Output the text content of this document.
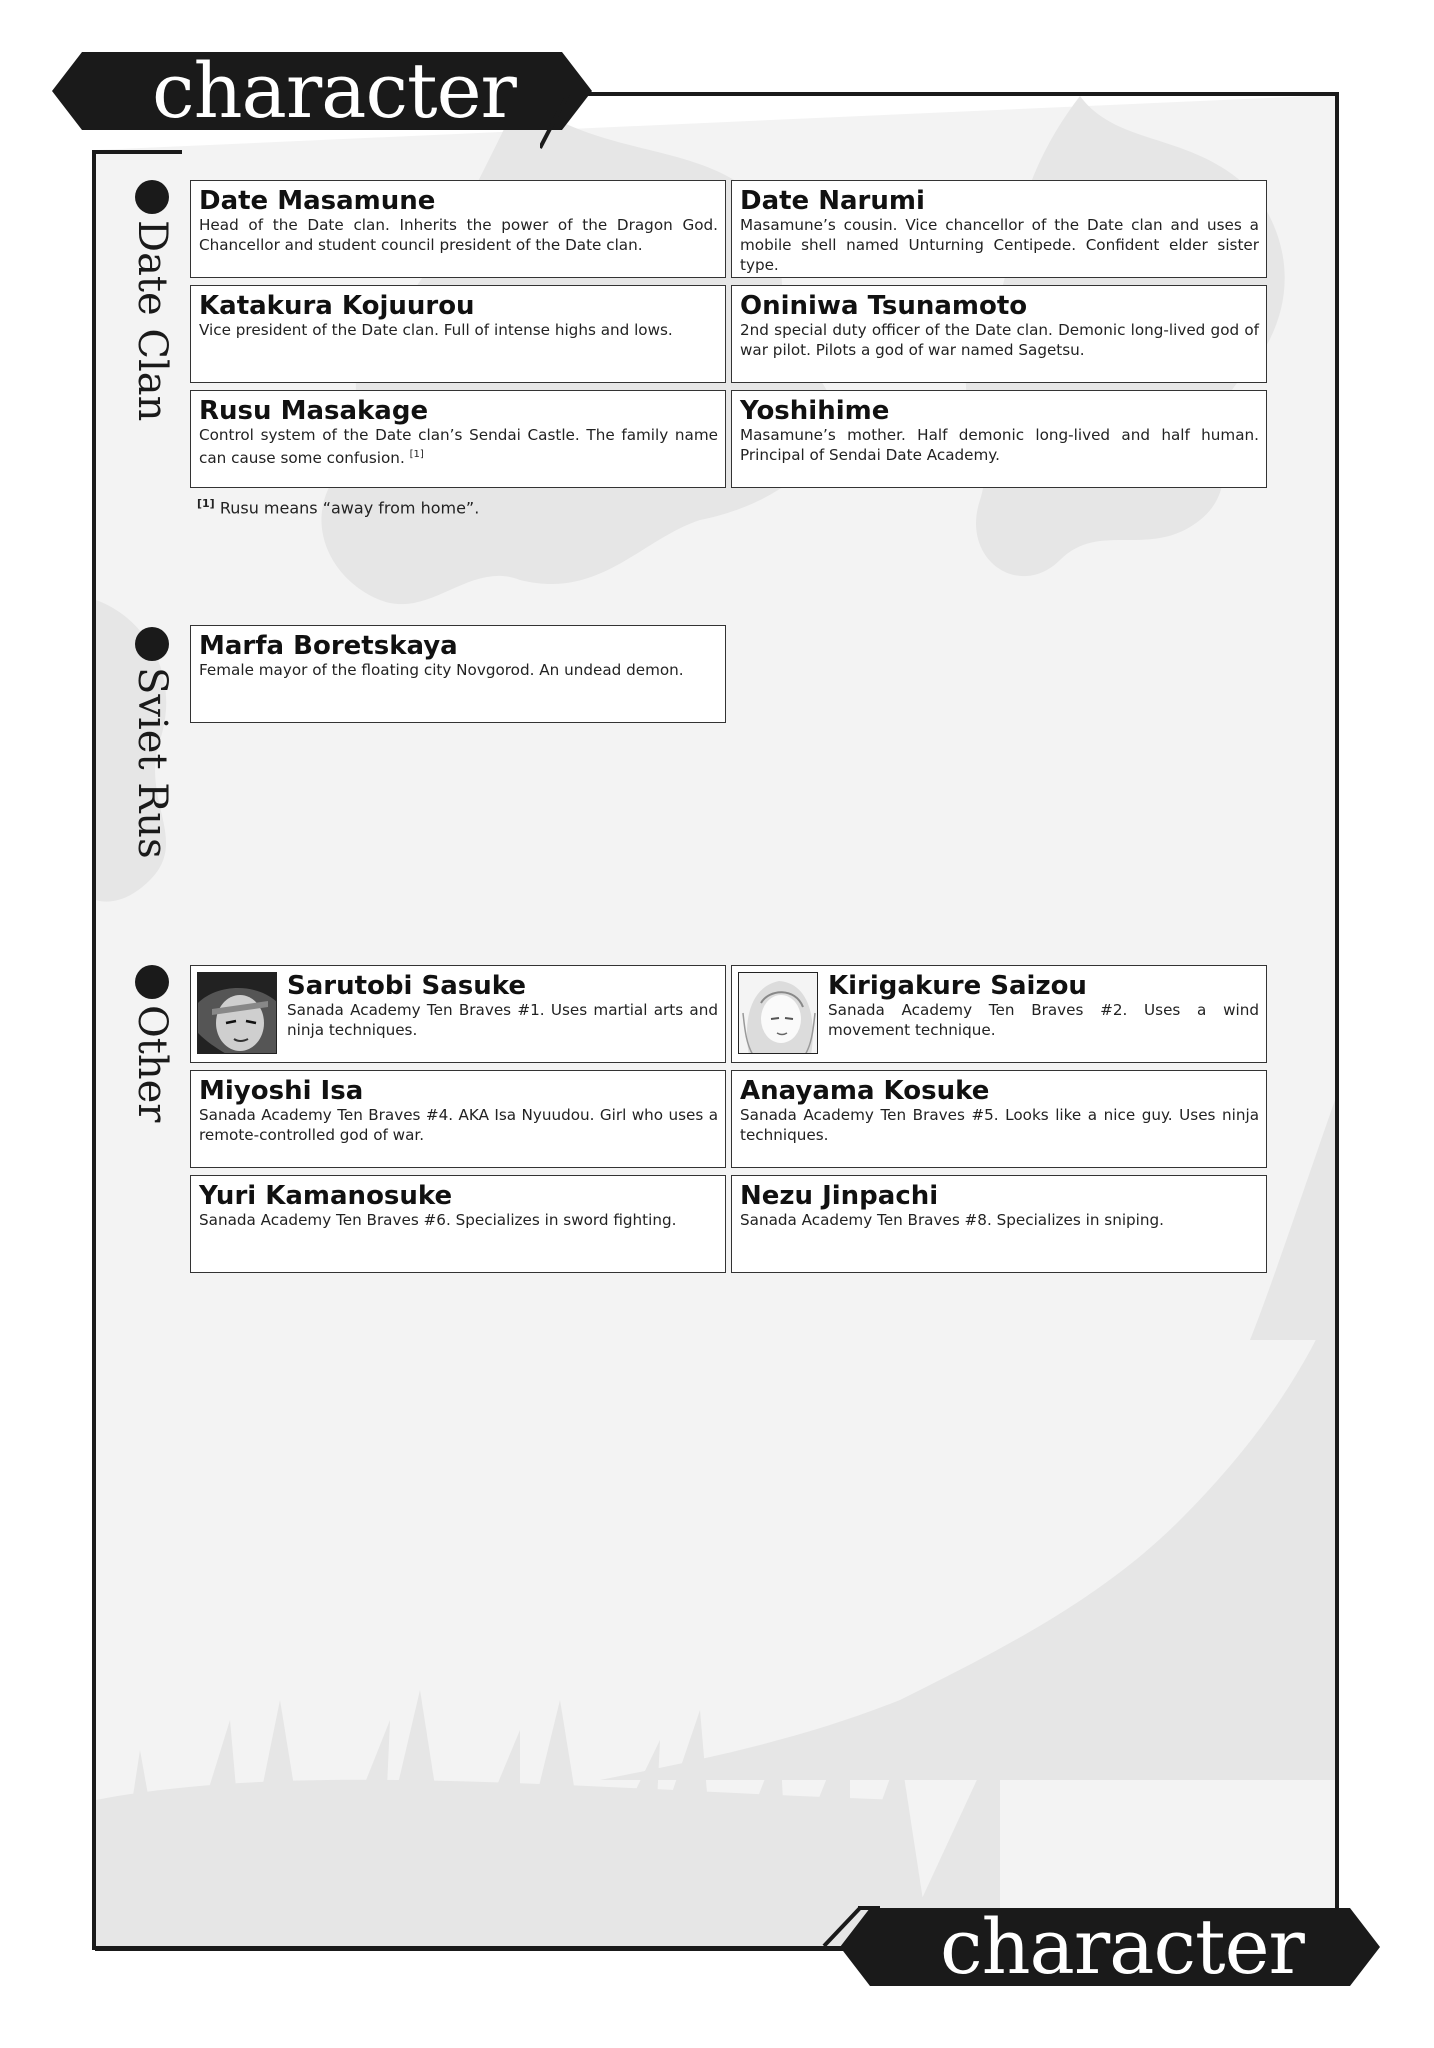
character
character
Date Clan
Date Masamune
Head of the Date clan. Inherits the power of the Dragon God. Chancellor and student council president of the Date clan.
Date Narumi
Masamune’s cousin. Vice chancellor of the Date clan and uses a mobile shell named Unturning Centipede. Confident elder sister type.
Katakura Kojuurou
Vice president of the Date clan. Full of intense highs and lows.
Oniniwa Tsunamoto
2nd special duty officer of the Date clan. Demonic long-lived god of war pilot. Pilots a god of war named Sagetsu.
Rusu Masakage
Control system of the Date clan’s Sendai Castle. The family name can cause some confusion. [1]
Yoshihime
Masamune’s mother. Half demonic long-lived and half human. Principal of Sendai Date Academy.
[1] Rusu means “away from home”.
Sviet Rus
Marfa Boretskaya
Female mayor of the floating city Novgorod. An undead demon.
Other
Sarutobi Sasuke
Sanada Academy Ten Braves #1. Uses martial arts and ninja techniques.
Kirigakure Saizou
Sanada Academy Ten Braves #2. Uses a wind movement technique.
Miyoshi Isa
Sanada Academy Ten Braves #4. AKA Isa Nyuudou. Girl who uses a remote-controlled god of war.
Anayama Kosuke
Sanada Academy Ten Braves #5. Looks like a nice guy. Uses ninja techniques.
Yuri Kamanosuke
Sanada Academy Ten Braves #6. Specializes in sword fighting.
Nezu Jinpachi
Sanada Academy Ten Braves #8. Specializes in sniping.
